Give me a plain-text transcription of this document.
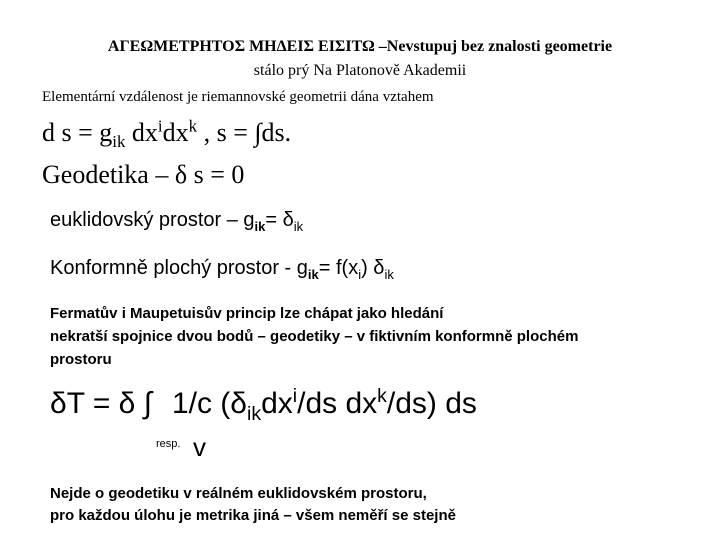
ΑΓΕΩΜΕΤΡΗΤΟΣ ΜΗΔΕΙΣ ΕΙΣΙΤΩ –Nevstupuj bez znalosti geometrie
stálo prý Na Platonově Akademii
Elementární vzdálenost je riemannovské geometrii dána vztahem
d $s = g_{ik}$ $dx^idx^k$ , s = ∫ds.
Geodetika – δ s = 0
euklidovský prostor – $g_{ik}= \delta_{ik}$
Konformně plochý prostor - $g_{ik}= f(x_i)$ $\delta_{ik}$
Fermatův i Maupetuisův princip lze chápat jako hledání
nekratší spojnice dvou bodů – geodetiky – v fiktivním konformně plochém
prostoru
δT = δ ∫ 1/c ($\delta_{ik}dx^i/ds$ $dx^k/ds$) ds
resp. v
Nejde o geodetiku v reálném euklidovském prostoru,
pro každou úlohu je metrika jiná – všem neměří se stejně
